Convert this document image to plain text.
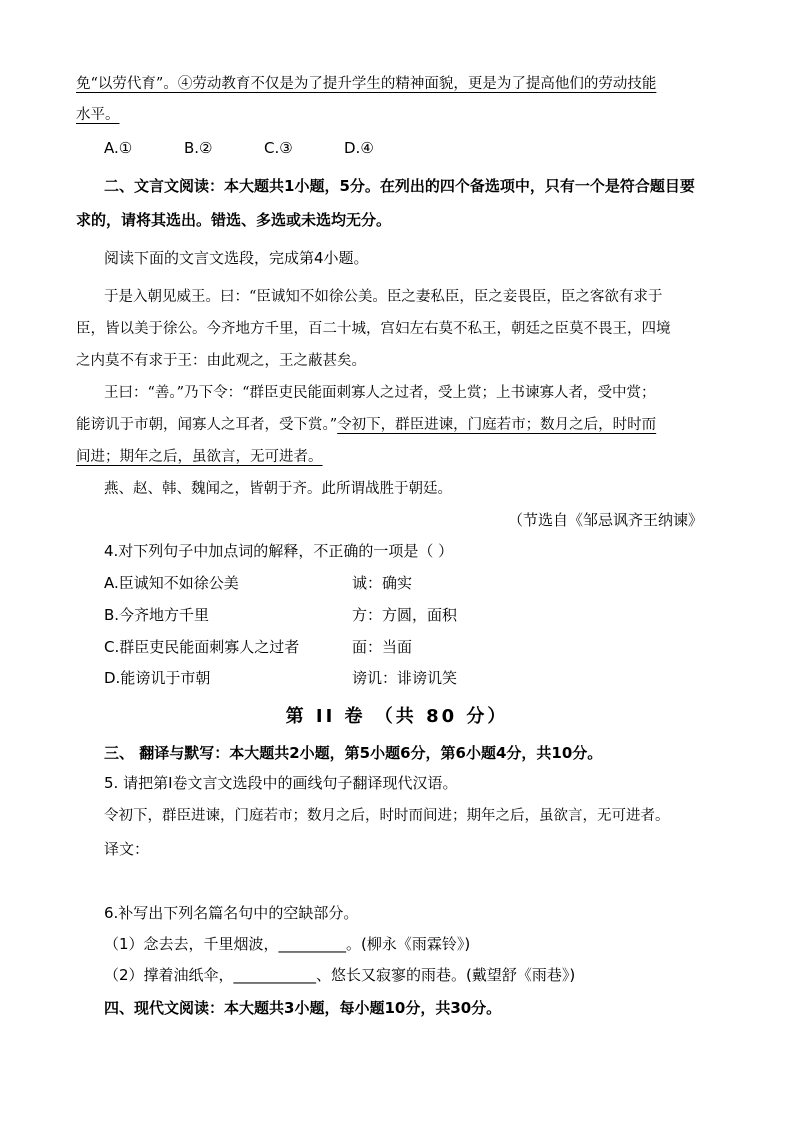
免“以劳代育”。④劳动教育不仅是为了提升学生的精神面貌，更是为了提高他们的劳动技能
水平。
A.①	B.②	C.③	D.④
二、文言文阅读：本大题共1小题，5分。在列出的四个备选项中，只有一个是符合题目要
求的，请将其选出。错选、多选或未选均无分。
阅读下面的文言文选段，完成第4小题。
于是入朝见威王。曰：“臣诚知不如徐公美。臣之妻私臣，臣之妾畏臣，臣之客欲有求于
臣，皆以美于徐公。今齐地方千里，百二十城，宫妇左右莫不私王，朝廷之臣莫不畏王，四境
之内莫不有求于王：由此观之，王之蔽甚矣。
王曰：“善。”乃下令：“群臣吏民能面刺寡人之过者，受上赏；上书谏寡人者，受中赏；
能谤讥于市朝，闻寡人之耳者，受下赏。”令初下，群臣进谏，门庭若市；数月之后，时时而
间进；期年之后，虽欲言，无可进者。
燕、赵、韩、魏闻之，皆朝于齐。此所谓战胜于朝廷。
（节选自《邹忌讽齐王纳谏》
4.对下列句子中加点词的解释，不正确的一项是（ ）
A.臣诚知不如徐公美	诚：确实
B.今齐地方千里	方：方圆，面积
C.群臣吏民能面刺寡人之过者	面：当面
D.能谤讥于市朝	谤讥：诽谤讥笑
第 II 卷 （共 80 分）
三、 翻译与默写：本大题共2小题，第5小题6分，第6小题4分，共10分。
5. 请把第I卷文言文选段中的画线句子翻译现代汉语。
令初下，群臣进谏，门庭若市；数月之后，时时而间进；期年之后，虽欲言，无可进者。
译文：
6.补写出下列名篇名句中的空缺部分。
（1）念去去，千里烟波，_________。(柳永《雨霖铃》)
（2）撑着油纸伞，___________、悠长又寂寥的雨巷。(戴望舒《雨巷》)
四、现代文阅读：本大题共3小题，每小题10分，共30分。
